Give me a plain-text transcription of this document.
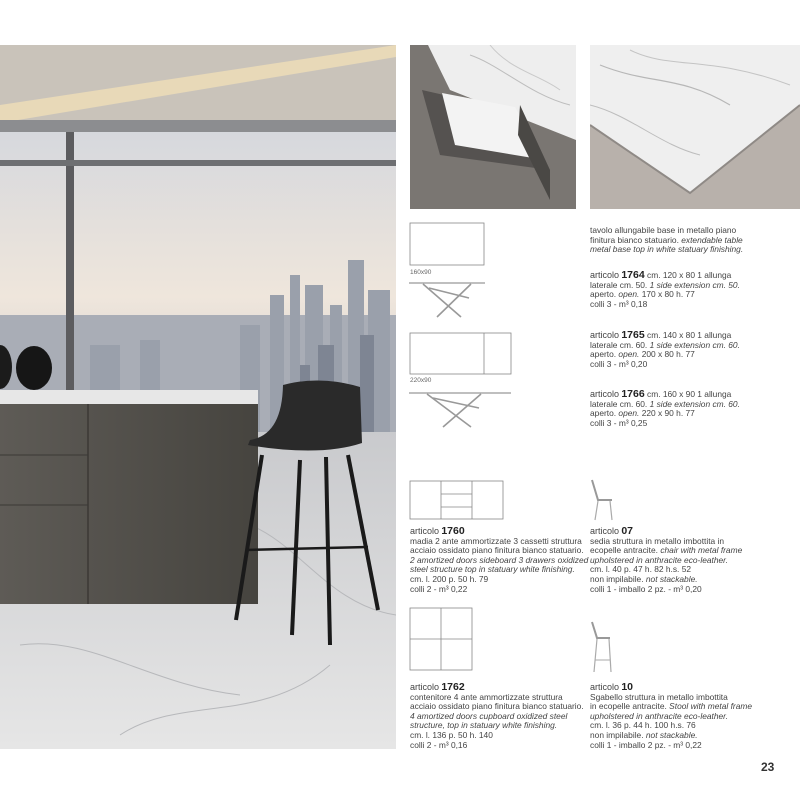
160x90
220x90
tavolo allungabile base in metallo piano
finitura bianco statuario. extendable table
metal base top in white statuary finishing.
articolo 1764 cm. 120 x 80 1 allunga
laterale cm. 50. 1 side extension cm. 50.
aperto. open. 170 x 80 h. 77
colli 3 - m³ 0,18
articolo 1765 cm. 140 x 80 1 allunga
laterale cm. 60. 1 side extension cm. 60.
aperto. open. 200 x 80 h. 77
colli 3 - m³ 0,20
articolo 1766 cm. 160 x 90 1 allunga
laterale cm. 60. 1 side extension cm. 60.
aperto. open. 220 x 90 h. 77
colli 3 - m³ 0,25
articolo 1760
madia 2 ante ammortizzate 3 cassetti struttura
acciaio ossidato piano finitura bianco statuario.
2 amortized doors sideboard 3 drawers oxidized
steel structure top in statuary white finishing.
cm. l. 200 p. 50 h. 79
colli 2 - m³ 0,22
articolo 07
sedia struttura in metallo imbottita in
ecopelle antracite. chair with metal frame
upholstered in anthracite eco-leather.
cm. l. 40 p. 47 h. 82 h.s. 52
non impilabile. not stackable.
colli 1 - imballo 2 pz. - m³ 0,20
articolo 1762
contenitore 4 ante ammortizzate struttura
acciaio ossidato piano finitura bianco statuario.
4 amortized doors cupboard oxidized steel
structure, top in statuary white finishing.
cm. l. 136 p. 50 h. 140
colli 2 - m³ 0,16
articolo 10
Sgabello struttura in metallo imbottita
in ecopelle antracite. Stool with metal frame
upholstered in anthracite eco-leather.
cm. l. 36 p. 44 h. 100 h.s. 76
non impilabile. not stackable.
colli 1 - imballo 2 pz. - m³ 0,22
23
